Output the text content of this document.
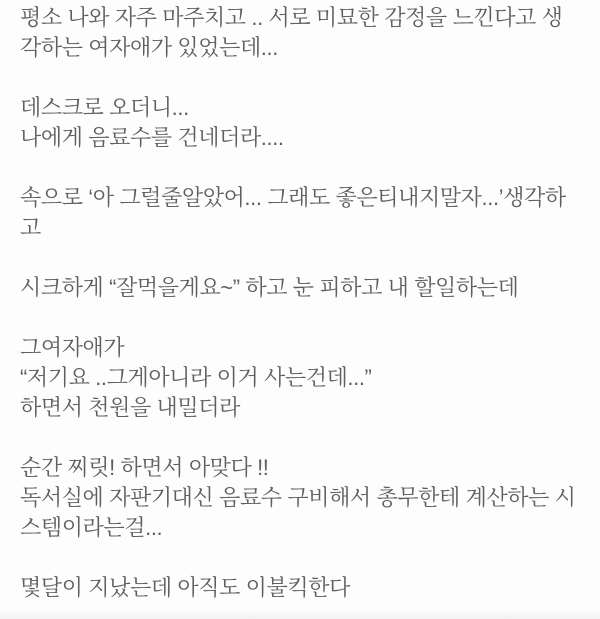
평소 나와 자주 마주치고 .. 서로 미묘한 감정을 느낀다고 생
각하는 여자애가 있었는데...

데스크로 오더니...
나에게 음료수를 건네더라....

속으로 ‘아 그럴줄알았어... 그래도 좋은티내지말자...’생각하
고

시크하게 “잘먹을게요~” 하고 눈 피하고 내 할일하는데

그여자애가
“저기요 ..그게아니라 이거 사는건데...”
하면서 천원을 내밀더라

순간 찌릿! 하면서 아맞다 !!
독서실에 자판기대신 음료수 구비해서 총무한테 계산하는 시
스템이라는걸...

몇달이 지났는데 아직도 이불킥한다
